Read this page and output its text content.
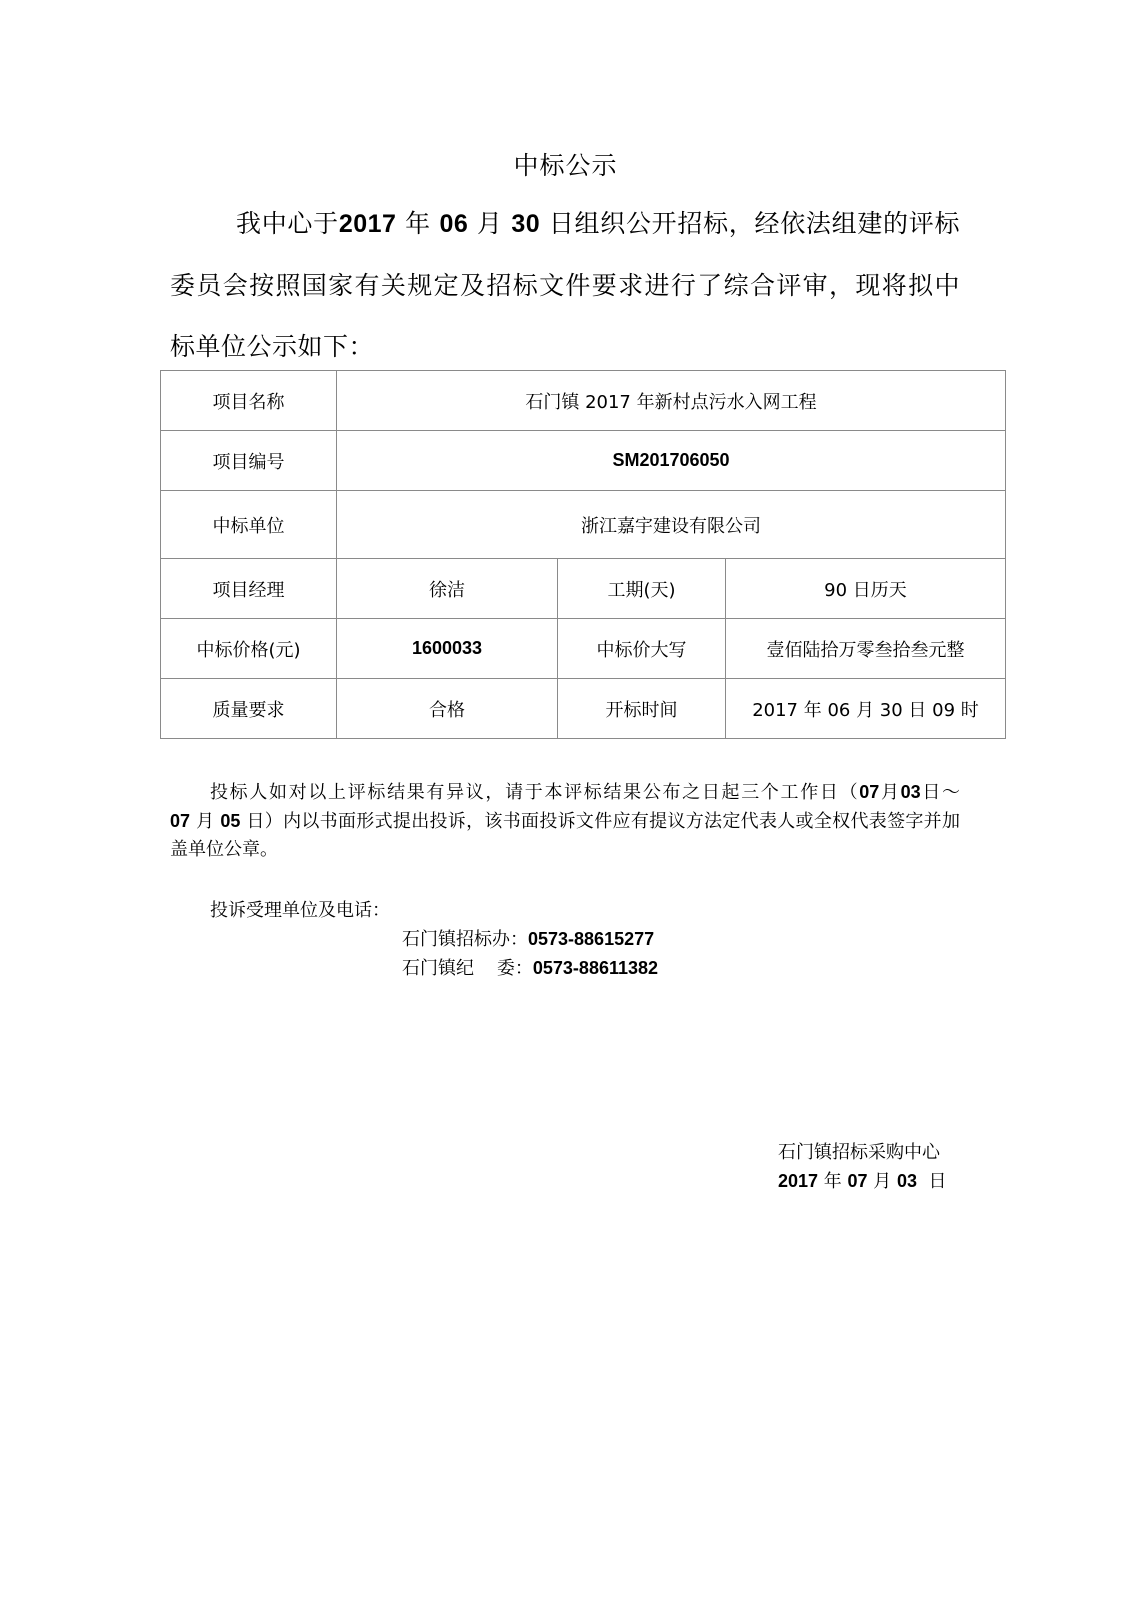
中标公示
我中心于2017 年 06 月 30 日组织公开招标，经依法组建的评标委员会按照国家有关规定及招标文件要求进行了综合评审，现将拟中标单位公示如下：
项目名称	石门镇 2017 年新村点污水入网工程		
项目编号	SM201706050		
中标单位	浙江嘉宇建设有限公司		
项目经理	徐洁	工期(天)	90 日历天
中标价格(元)	1600033	中标价大写	壹佰陆拾万零叁拾叁元整
质量要求	合格	开标时间	2017 年 06 月 30 日 09 时
投标人如对以上评标结果有异议，请于本评标结果公布之日起三个工作日（07月03日～07 月 05 日）内以书面形式提出投诉，该书面投诉文件应有提议方法定代表人或全权代表签字并加盖单位公章。
投诉受理单位及电话：
石门镇招标办：0573-88615277
石门镇纪    委：0573-88611382
石门镇招标采购中心
2017 年 07 月 03 日
